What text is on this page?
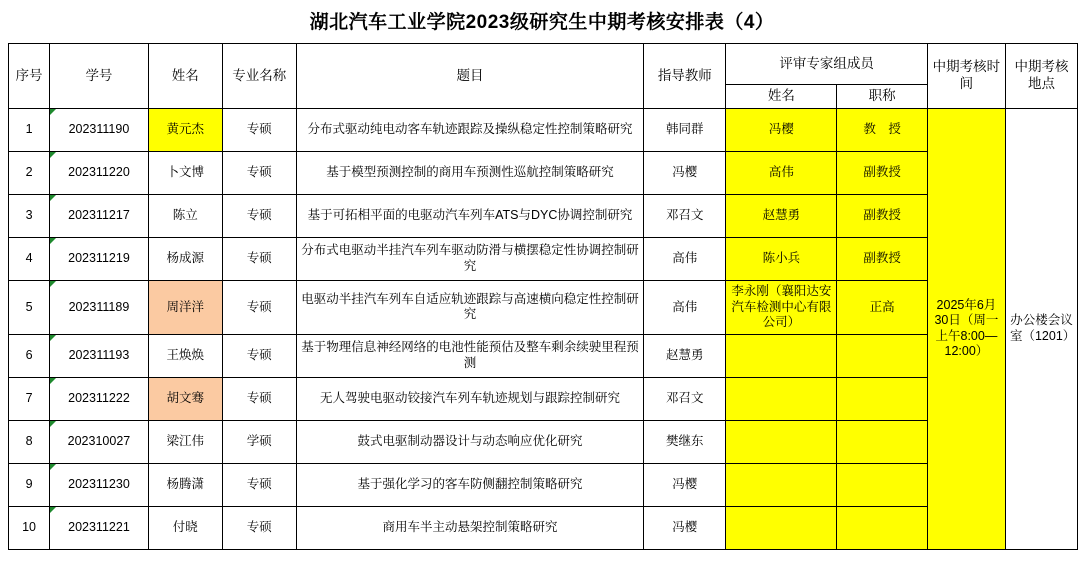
湖北汽车工业学院2023级研究生中期考核安排表（4）
序号	学号	姓名	专业名称	题目	指导教师	评审专家组成员		中期考核时间	中期考核地点
						姓名	职称		
1	202311190	黄元杰	专硕	分布式驱动纯电动客车轨迹跟踪及操纵稳定性控制策略研究	韩同群	冯樱	教　授	2025年6月30日（周一上午8:00—12:00）	办公楼会议室（1201）
2	202311220	卜文博	专硕	基于模型预测控制的商用车预测性巡航控制策略研究	冯樱	高伟	副教授		
3	202311217	陈立	专硕	基于可拓相平面的电驱动汽车列车ATS与DYC协调控制研究	邓召文	赵慧勇	副教授		
4	202311219	杨成源	专硕	分布式电驱动半挂汽车列车驱动防滑与横摆稳定性协调控制研究	高伟	陈小兵	副教授		
5	202311189	周洋洋	专硕	电驱动半挂汽车列车自适应轨迹跟踪与高速横向稳定性控制研究	高伟	李永刚（襄阳达安汽车检测中心有限公司）	正高		
6	202311193	王焕焕	专硕	基于物理信息神经网络的电池性能预估及整车剩余续驶里程预测	赵慧勇				
7	202311222	胡文骞	专硕	无人驾驶电驱动铰接汽车列车轨迹规划与跟踪控制研究	邓召文				
8	202310027	梁江伟	学硕	鼓式电驱制动器设计与动态响应优化研究	樊继东				
9	202311230	杨腾潇	专硕	基于强化学习的客车防侧翻控制策略研究	冯樱				
10	202311221	付晓	专硕	商用车半主动悬架控制策略研究	冯樱				
